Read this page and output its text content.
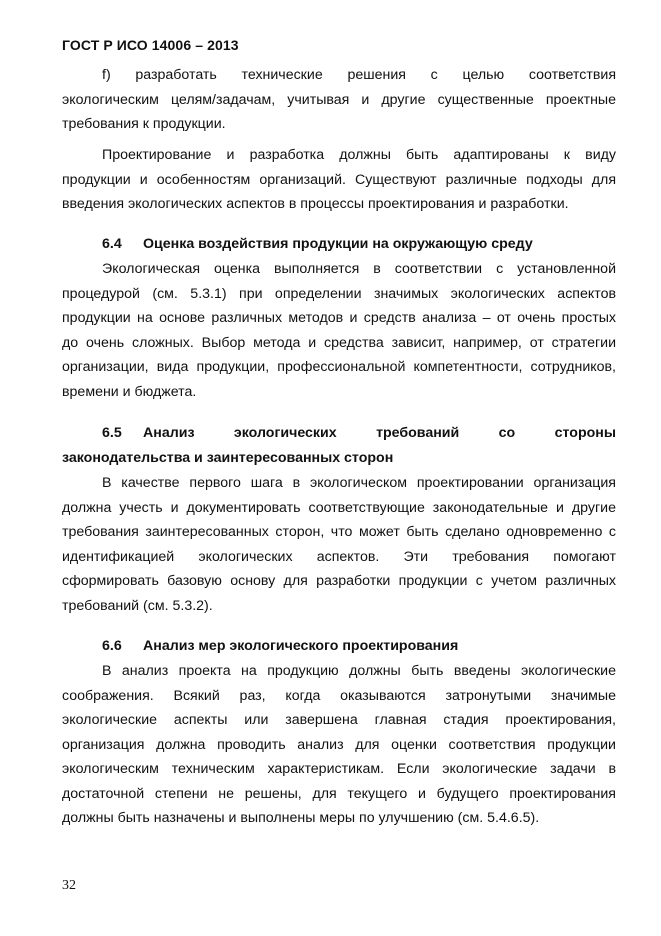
ГОСТ Р ИСО 14006 – 2013
f) разработать технические решения с целью соответствия
экологическим целям/задачам, учитывая и другие существенные проектные
требования к продукции.
Проектирование и разработка должны быть адаптированы к виду
продукции и особенностям организаций. Существуют различные подходы для
введения экологических аспектов в процессы проектирования и разработки.
6.4 Оценка воздействия продукции на окружающую среду
Экологическая оценка выполняется в соответствии с установленной
процедурой (см. 5.3.1) при определении значимых экологических аспектов
продукции на основе различных методов и средств анализа – от очень простых
до очень сложных. Выбор метода и средства зависит, например, от стратегии
организации, вида продукции, профессиональной компетентности, сотрудников,
времени и бюджета.
6.5 Анализ экологических требований со стороны
законодательства и заинтересованных сторон
В качестве первого шага в экологическом проектировании организация
должна учесть и документировать соответствующие законодательные и другие
требования заинтересованных сторон, что может быть сделано одновременно с
идентификацией экологических аспектов. Эти требования помогают
сформировать базовую основу для разработки продукции с учетом различных
требований (см. 5.3.2).
6.6 Анализ мер экологического проектирования
В анализ проекта на продукцию должны быть введены экологические
соображения. Всякий раз, когда оказываются затронутыми значимые
экологические аспекты или завершена главная стадия проектирования,
организация должна проводить анализ для оценки соответствия продукции
экологическим техническим характеристикам. Если экологические задачи в
достаточной степени не решены, для текущего и будущего проектирования
должны быть назначены и выполнены меры по улучшению (см. 5.4.6.5).
32
